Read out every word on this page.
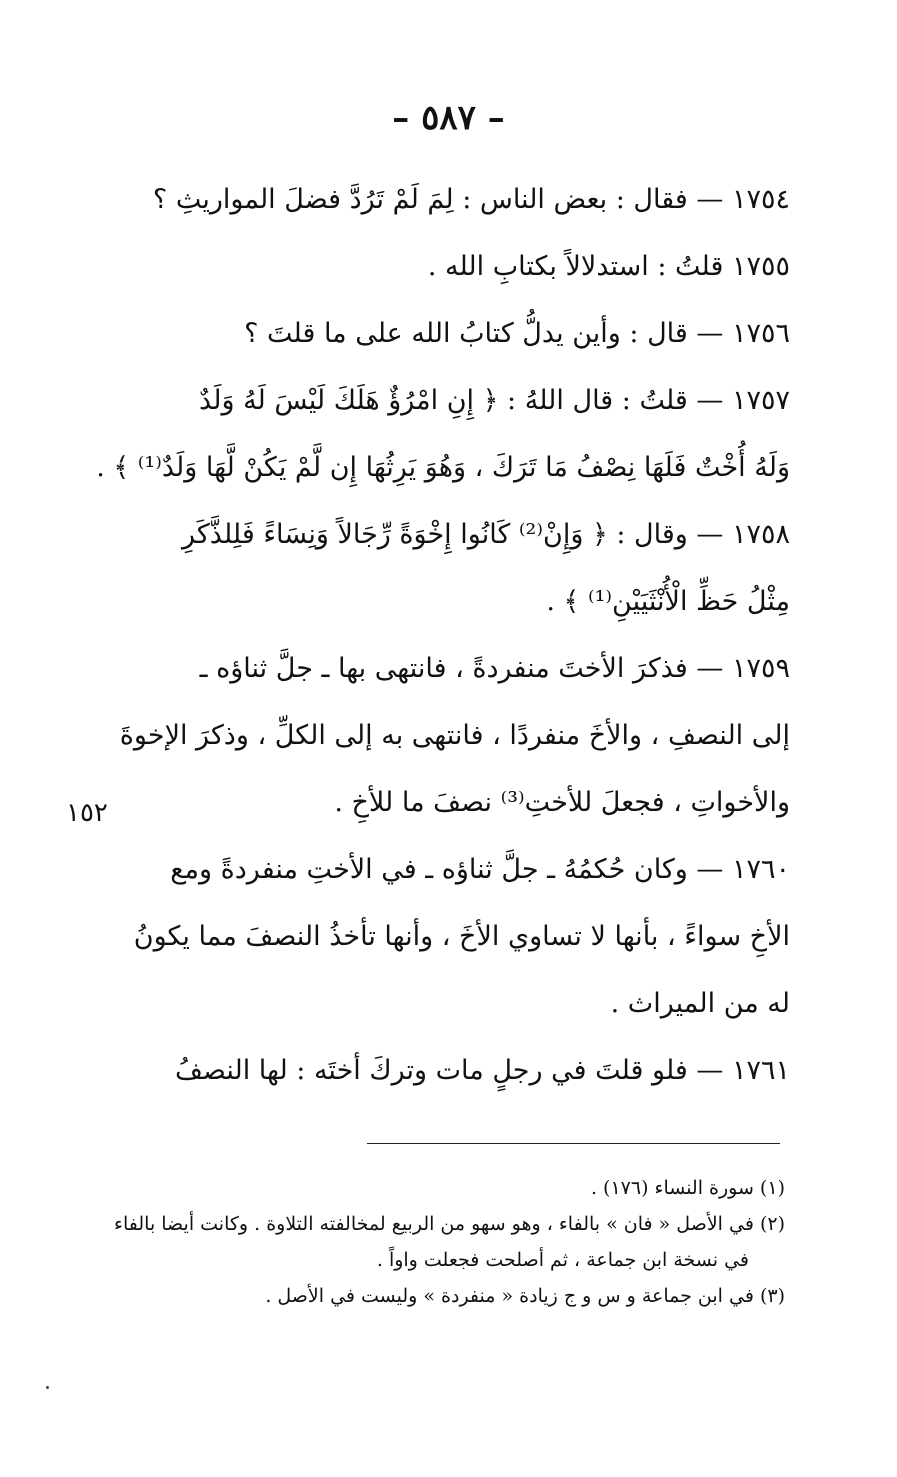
– ٥٨٧ –
١٧٥٤ — فقال : بعض الناس : لِمَ لَمْ تَرُدَّ فضلَ المواريثِ ؟
١٧٥٥ قلتُ : استدلالاً بكتابِ الله .
١٧٥٦ — قال : وأين يدلُّ كتابُ الله على ما قلتَ ؟
١٧٥٧ — قلتُ : قال اللهُ : ﴿ إِنِ امْرُؤٌ هَلَكَ لَيْسَ لَهُ وَلَدٌ
وَلَهُ أُخْتٌ فَلَهَا نِصْفُ مَا تَرَكَ ، وَهُوَ يَرِثُهَا إِن لَّمْ يَكُنْ لَّهَا وَلَدٌ⁽¹⁾ ﴾ .
١٧٥٨ — وقال : ﴿ وَإِنْ⁽²⁾ كَانُوا إِخْوَةً رِّجَالاً وَنِسَاءً فَلِلذَّكَرِ
مِثْلُ حَظِّ الْأُنْثَيَيْنِ⁽¹⁾ ﴾ .
١٧٥٩ — فذكرَ الأختَ منفردةً ، فانتهى بها ـ جلَّ ثناؤه ـ
إلى النصفِ ، والأخَ منفردًا ، فانتهى به إلى الكلِّ ، وذكرَ الإخوةَ
والأخواتِ ، فجعلَ للأختِ⁽³⁾ نصفَ ما للأخِ .
١٧٦٠ — وكان حُكمُهُ ـ جلَّ ثناؤه ـ في الأختِ منفردةً ومع
الأخِ سواءً ، بأنها لا تساوي الأخَ ، وأنها تأخذُ النصفَ مما يكونُ
له من الميراث .
١٧٦١ — فلو قلتَ في رجلٍ مات وتركَ أختَه : لها النصفُ
١٥٢
(١) سورة النساء (١٧٦) .
(٢) في الأصل « فان » بالفاء ، وهو سهو من الربيع لمخالفته التلاوة . وكانت أيضا بالفاء
في نسخة ابن جماعة ، ثم أصلحت فجعلت واواً .
(٣) في ابن جماعة و س و ج زيادة « منفردة » وليست في الأصل .
